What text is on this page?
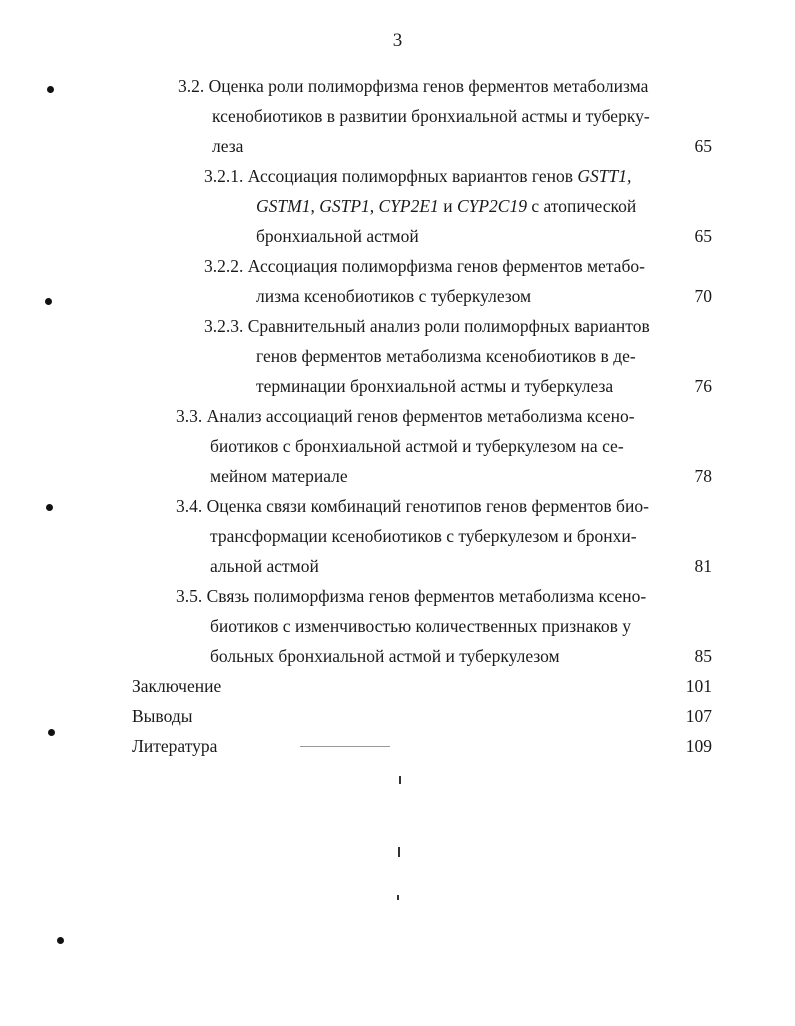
3
3.2. Оценка роли полиморфизма генов ферментов метаболизма
ксенобиотиков в развитии бронхиальной астмы и туберку-
леза	65
3.2.1. Ассоциация полиморфных вариантов генов GSTT1,
GSTM1, GSTP1, CYP2E1 и CYP2C19 с атопической
бронхиальной астмой	65
3.2.2. Ассоциация полиморфизма генов ферментов метабо-
лизма ксенобиотиков с туберкулезом	70
3.2.3. Сравнительный анализ роли полиморфных вариантов
генов ферментов метаболизма ксенобиотиков в де-
терминации бронхиальной астмы и туберкулеза	76
3.3. Анализ ассоциаций генов ферментов метаболизма ксено-
биотиков с бронхиальной астмой и туберкулезом на се-
мейном материале	78
3.4. Оценка связи комбинаций генотипов генов ферментов био-
трансформации ксенобиотиков с туберкулезом и бронхи-
альной астмой	81
3.5. Связь полиморфизма генов ферментов метаболизма ксено-
биотиков с изменчивостью количественных признаков у
больных бронхиальной астмой и туберкулезом	85
Заключение	101
Выводы	107
Литература	109
